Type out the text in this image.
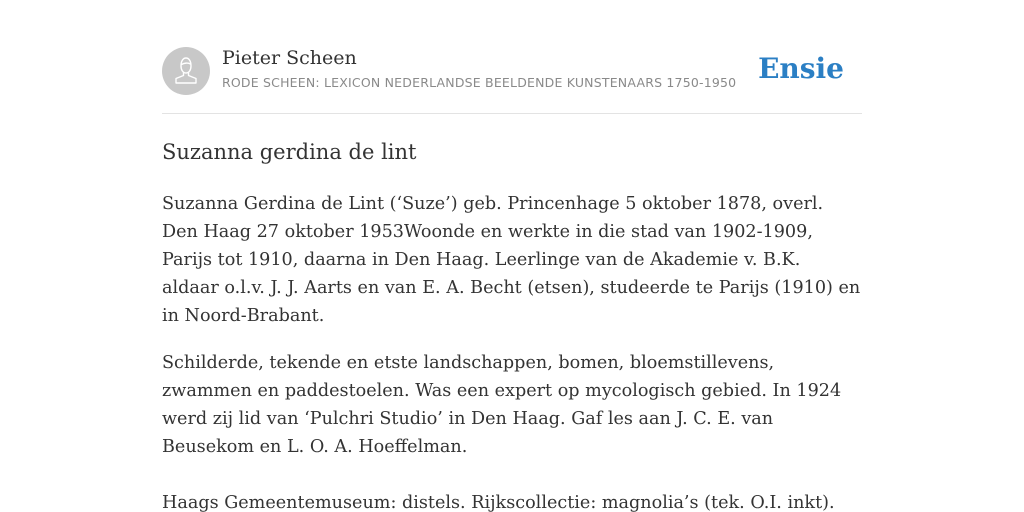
Pieter Scheen
RODE SCHEEN: LEXICON NEDERLANDSE BEELDENDE KUNSTENAARS 1750-1950 Ensie
Suzanna gerdina de lint

Suzanna Gerdina de Lint (‘Suze’) geb. Princenhage 5 oktober 1878, overl. Den Haag 27 oktober 1953Woonde en werkte in die stad van 1902-1909, Parijs tot 1910, daarna in Den Haag. Leerlinge van de Akademie v. B.K. aldaar o.l.v. J. J. Aarts en van E. A. Becht (etsen), studeerde te Parijs (1910) en in Noord-Brabant.

Schilderde, tekende en etste landschappen, bomen, bloemstillevens, zwammen en paddestoelen. Was een expert op mycologisch gebied. In 1924 werd zij lid van ‘Pulchri Studio’ in Den Haag. Gaf les aan J. C. E. van Beusekom en L. O. A. Hoeffelman.

Haags Gemeentemuseum: distels. Rijkscollectie: magnolia’s (tek. O.I. inkt).
